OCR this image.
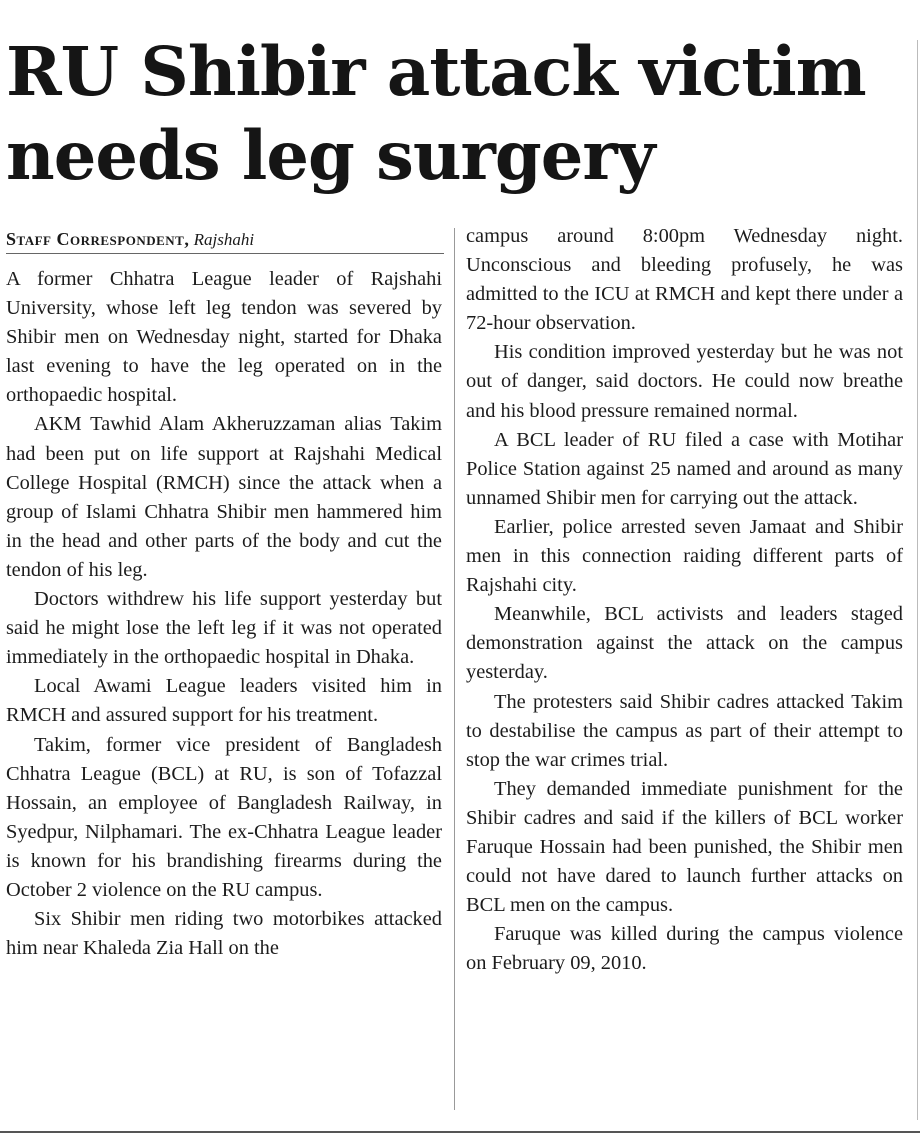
RU Shibir attack victim needs leg surgery
Staff Correspondent, Rajshahi

A former Chhatra League leader of Rajshahi University, whose left leg tendon was severed by Shibir men on Wednesday night, started for Dhaka last evening to have the leg operated on in the orthopaedic hospital.

AKM Tawhid Alam Akheruzzaman alias Takim had been put on life support at Rajshahi Medical College Hospital (RMCH) since the attack when a group of Islami Chhatra Shibir men hammered him in the head and other parts of the body and cut the tendon of his leg.

Doctors withdrew his life support yesterday but said he might lose the left leg if it was not operated immediately in the orthopaedic hospital in Dhaka.

Local Awami League leaders visited him in RMCH and assured support for his treatment.

Takim, former vice president of Bangladesh Chhatra League (BCL) at RU, is son of Tofazzal Hossain, an employee of Bangladesh Railway, in Syedpur, Nilphamari. The ex-Chhatra League leader is known for his brandishing firearms during the October 2 violence on the RU campus.

Six Shibir men riding two motorbikes attacked him near Khaleda Zia Hall on the

campus around 8:00pm Wednesday night. Unconscious and bleeding profusely, he was admitted to the ICU at RMCH and kept there under a 72-hour observation.

His condition improved yesterday but he was not out of danger, said doctors. He could now breathe and his blood pressure remained normal.

A BCL leader of RU filed a case with Motihar Police Station against 25 named and around as many unnamed Shibir men for carrying out the attack.

Earlier, police arrested seven Jamaat and Shibir men in this connection raiding different parts of Rajshahi city.

Meanwhile, BCL activists and leaders staged demonstration against the attack on the campus yesterday.

The protesters said Shibir cadres attacked Takim to destabilise the campus as part of their attempt to stop the war crimes trial.

They demanded immediate punishment for the Shibir cadres and said if the killers of BCL worker Faruque Hossain had been punished, the Shibir men could not have dared to launch further attacks on BCL men on the campus.

Faruque was killed during the campus violence on February 09, 2010.
